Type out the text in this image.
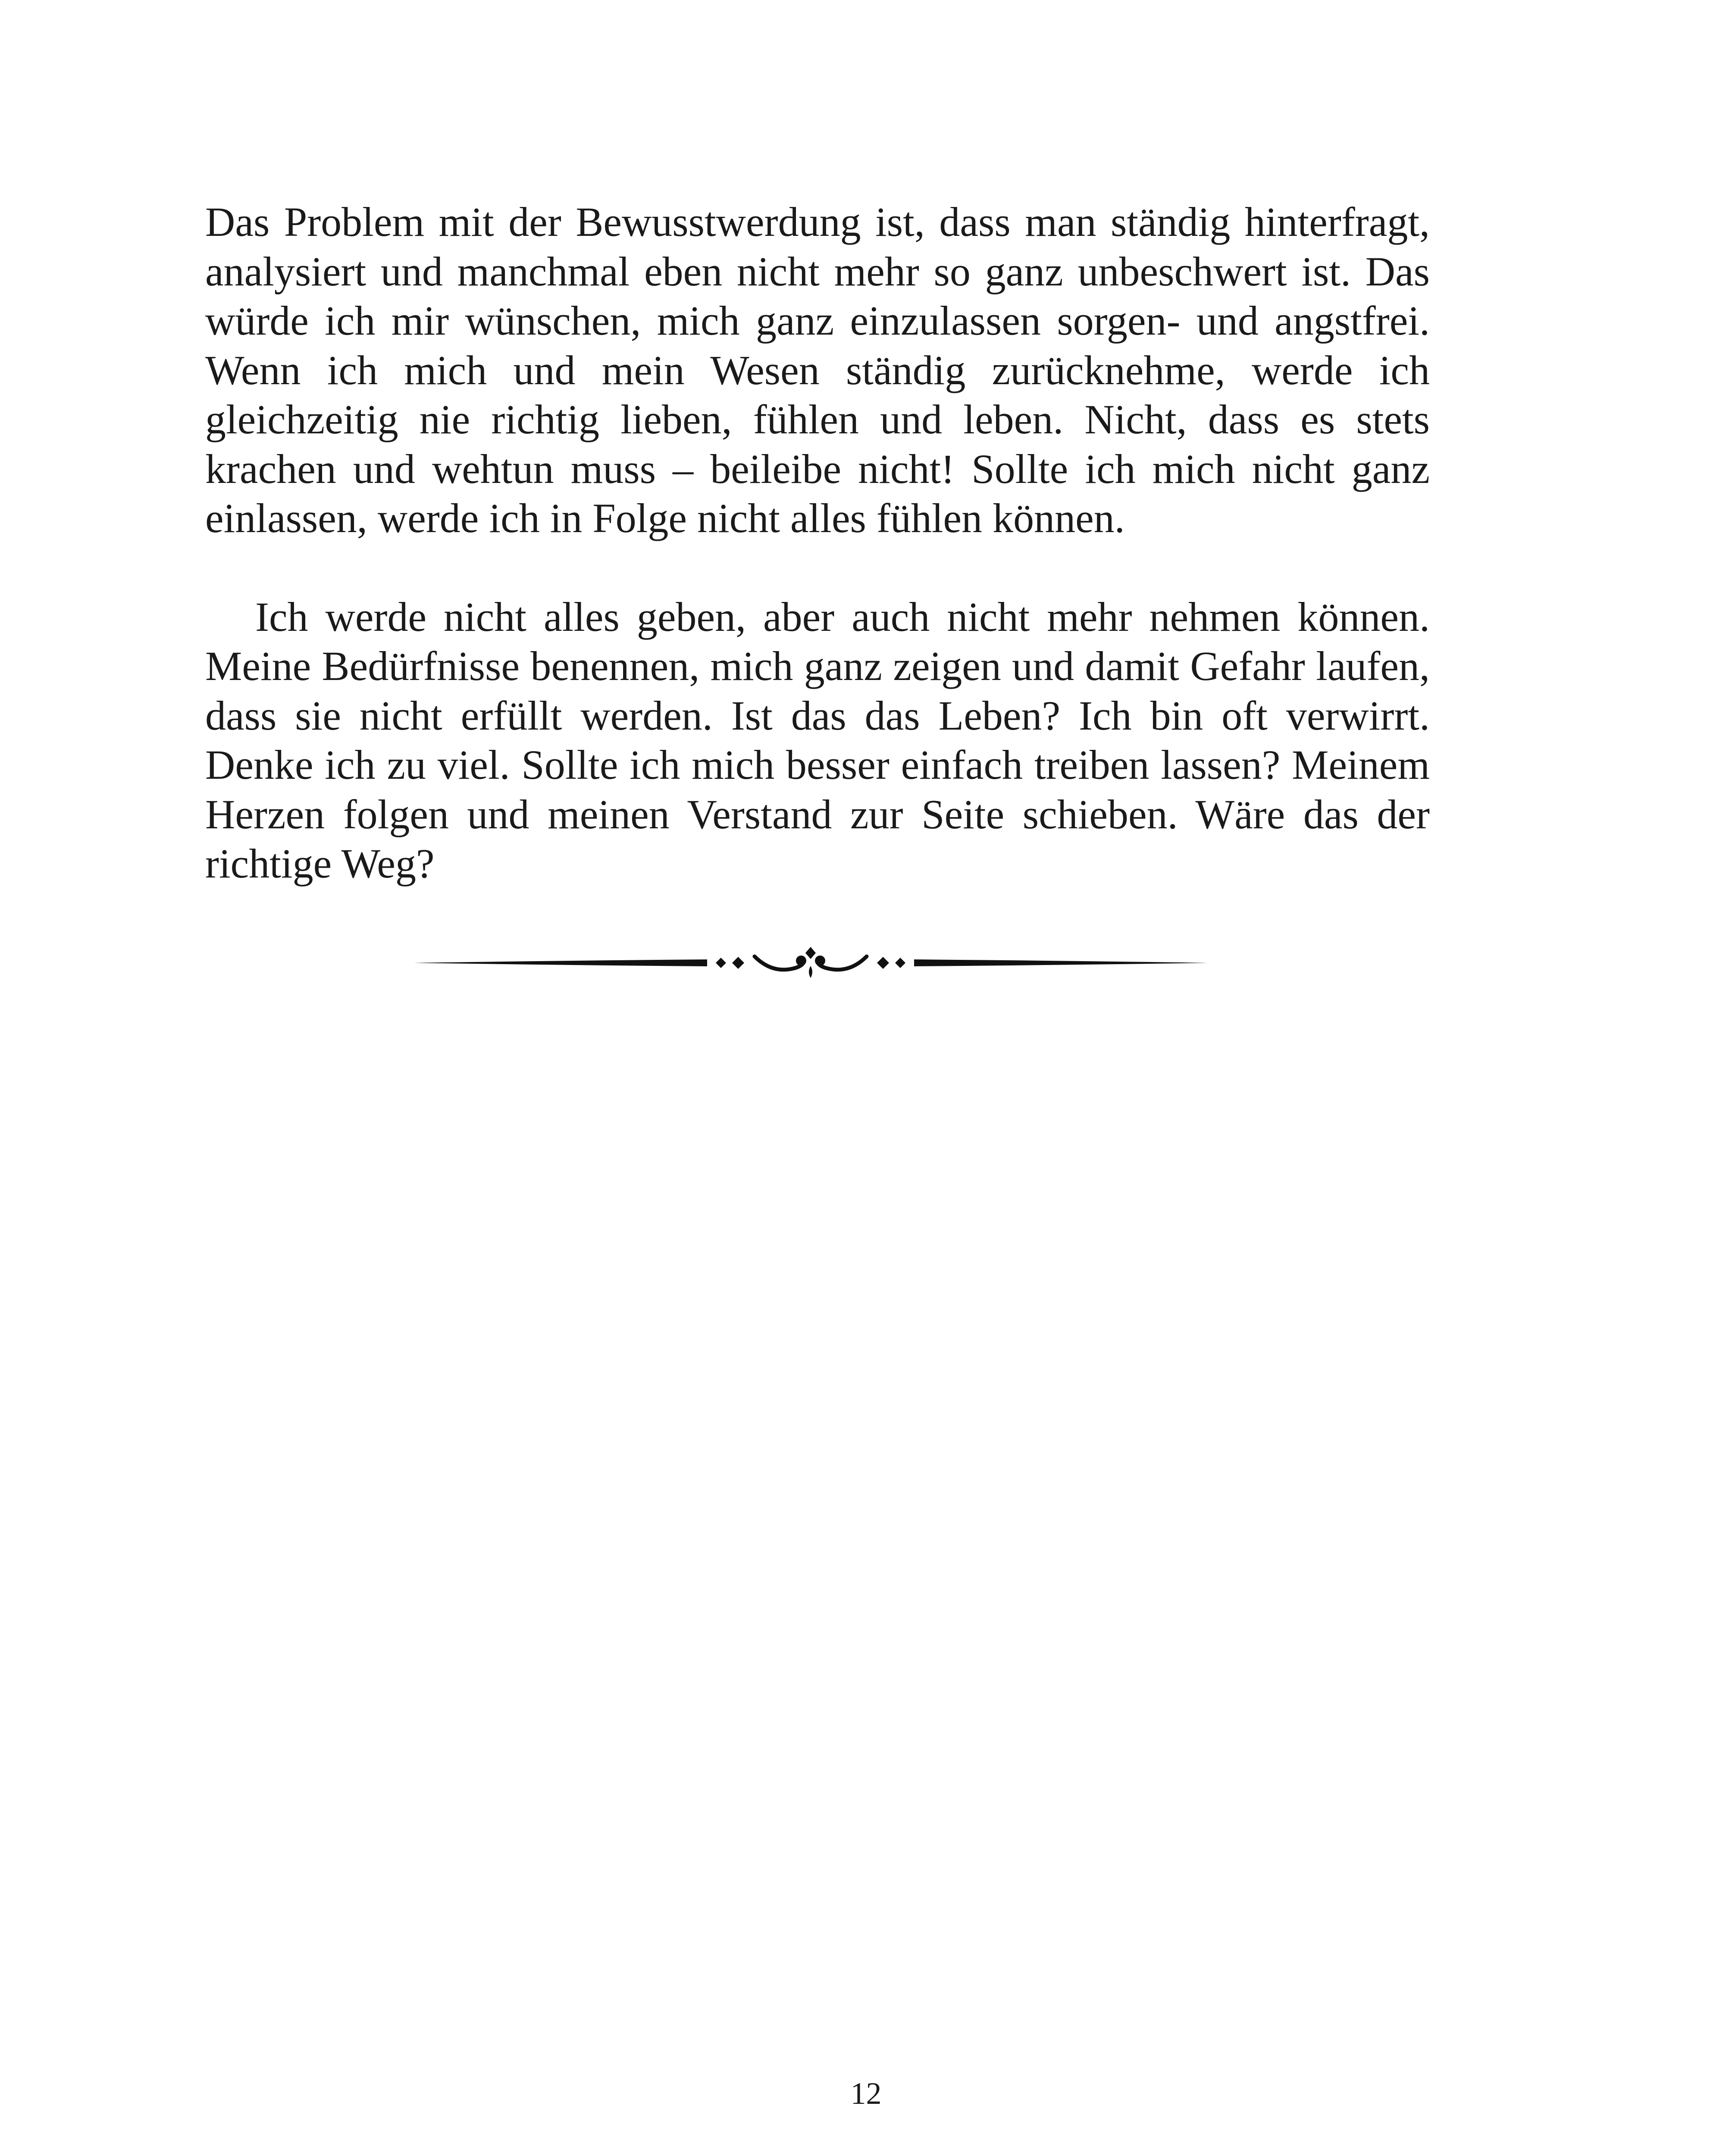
Das Problem mit der Bewusstwerdung ist, dass man ständig hinterfragt, analysiert und manchmal eben nicht mehr so ganz unbeschwert ist. Das würde ich mir wünschen, mich ganz einzulassen sorgen- und angstfrei. Wenn ich mich und mein Wesen ständig zurücknehme, werde ich gleichzeitig nie richtig lieben, fühlen und leben. Nicht, dass es stets krachen und wehtun muss – beileibe nicht! Sollte ich mich nicht ganz einlassen, werde ich in Folge nicht alles fühlen können.

Ich werde nicht alles geben, aber auch nicht mehr nehmen können. Meine Bedürfnisse benennen, mich ganz zeigen und damit Gefahr laufen, dass sie nicht erfüllt werden. Ist das das Leben? Ich bin oft verwirrt. Denke ich zu viel. Sollte ich mich besser einfach treiben lassen? Meinem Herzen folgen und meinen Verstand zur Seite schieben. Wäre das der richtige Weg?

12
